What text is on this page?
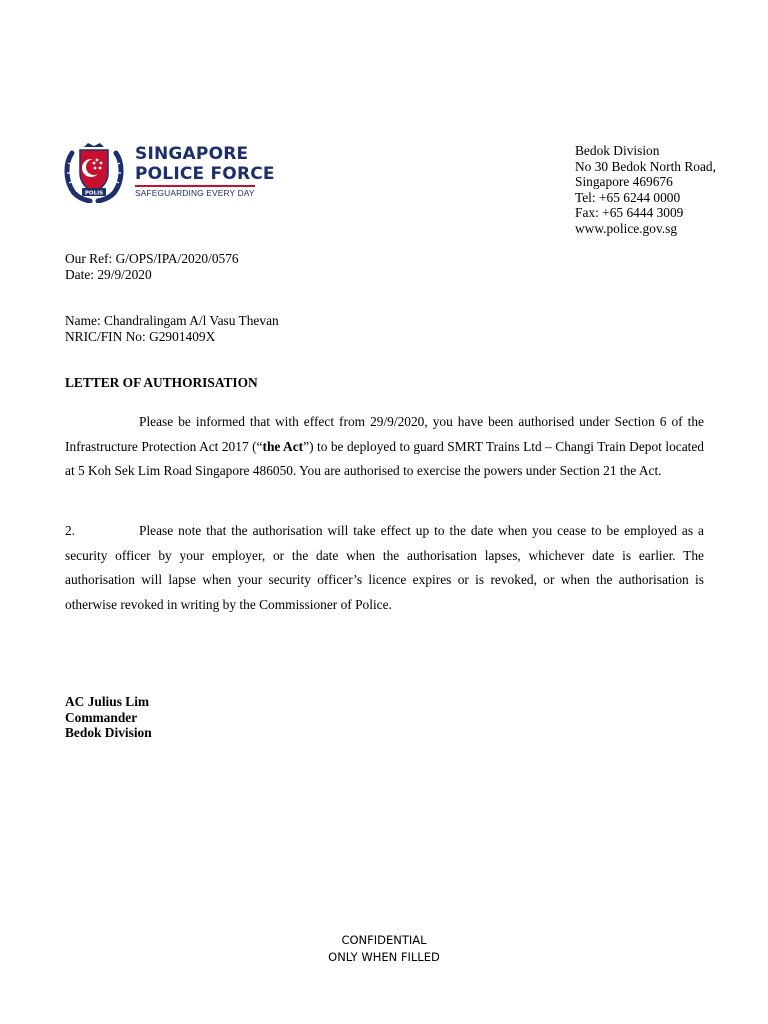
POLIS
SINGAPORE
POLICE FORCE
SAFEGUARDING EVERY DAY
Bedok Division
No 30 Bedok North Road,
Singapore 469676
Tel: +65 6244 0000
Fax: +65 6444 3009
www.police.gov.sg
Our Ref: G/OPS/IPA/2020/0576
Date: 29/9/2020
Name: Chandralingam A/l Vasu Thevan
NRIC/FIN No: G2901409X
LETTER OF AUTHORISATION
Please be informed that with effect from 29/9/2020, you have been authorised under Section 6 of the Infrastructure Protection Act 2017 (“the Act”) to be deployed to guard SMRT Trains Ltd – Changi Train Depot located at 5 Koh Sek Lim Road Singapore 486050. You are authorised to exercise the powers under Section 21 the Act.
2.	Please note that the authorisation will take effect up to the date when you cease to be employed as a security officer by your employer, or the date when the authorisation lapses, whichever date is earlier. The authorisation will lapse when your security officer’s licence expires or is revoked, or when the authorisation is otherwise revoked in writing by the Commissioner of Police.
AC Julius Lim
Commander
Bedok Division
CONFIDENTIAL
ONLY WHEN FILLED
